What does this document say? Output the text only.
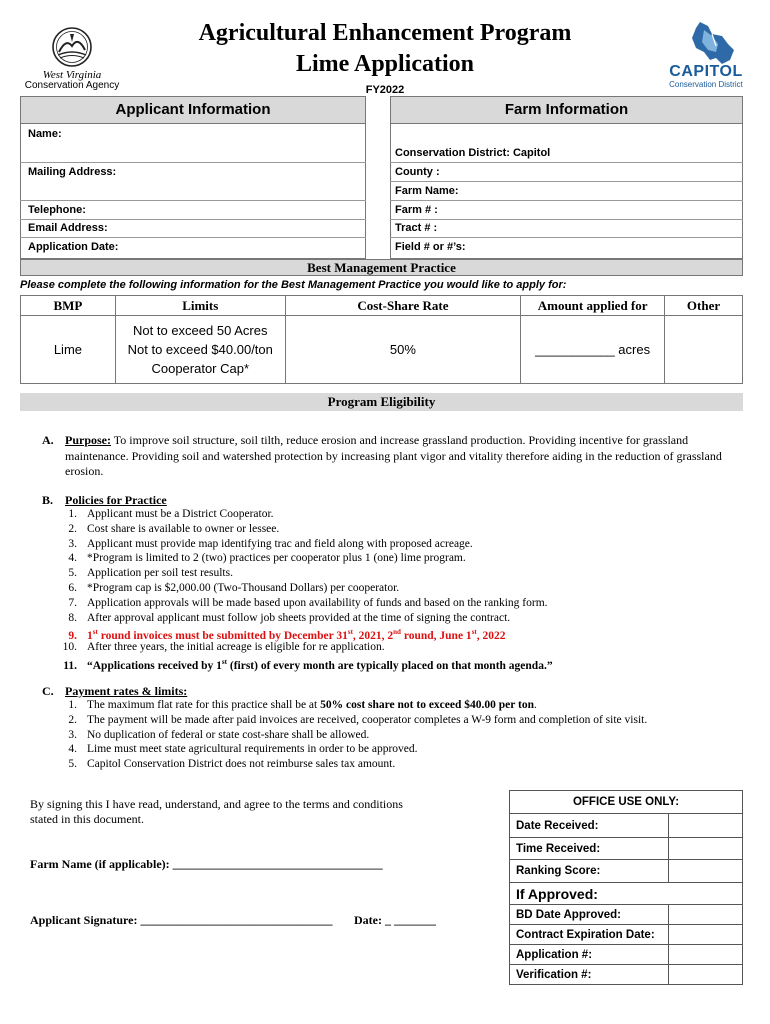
West Virginia
Conservation Agency
Agricultural Enhancement Program
Lime Application
FY2022
CAPITOL
Conservation District
Applicant Information	Farm Information
Name:
Mailing Address:
Telephone:
Email Address:
Application Date:
Conservation District: Capitol
County :
Farm Name:
Farm # :
Tract # :
Field # or #’s:
Best Management Practice
Please complete the following information for the Best Management Practice you would like to apply for:
BMP	Limits	Cost-Share Rate	Amount applied for	Other
Lime	Not to exceed 50 Acres
Not to exceed $40.00/ton
Cooperator Cap*	50%	___________ acres	
Program Eligibility
A. Purpose: To improve soil structure, soil tilth, reduce erosion and increase grassland production. Providing incentive for grassland maintenance. Providing soil and watershed protection by increasing plant vigor and vitality therefore aiding in the reduction of grassland erosion.
B. Policies for Practice
1. Applicant must be a District Cooperator.
2. Cost share is available to owner or lessee.
3. Applicant must provide map identifying trac and field along with proposed acreage.
4. *Program is limited to 2 (two) practices per cooperator plus 1 (one) lime program.
5. Application per soil test results.
6. *Program cap is $2,000.00 (Two-Thousand Dollars) per cooperator.
7. Application approvals will be made based upon availability of funds and based on the ranking form.
8. After approval applicant must follow job sheets provided at the time of signing the contract.
9. 1st round invoices must be submitted by December 31st, 2021, 2nd round, June 1st, 2022
10. After three years, the initial acreage is eligible for re application.
11. “Applications received by 1st (first) of every month are typically placed on that month agenda.”
C. Payment rates & limits:
1. The maximum flat rate for this practice shall be at 50% cost share not to exceed $40.00 per ton.
2. The payment will be made after paid invoices are received, cooperator completes a W-9 form and completion of site visit.
3. No duplication of federal or state cost-share shall be allowed.
4. Lime must meet state agricultural requirements in order to be approved.
5. Capitol Conservation District does not reimburse sales tax amount.
By signing this I have read, understand, and agree to the terms and conditions
stated in this document.
Farm Name (if applicable): ___________________________________
Applicant Signature: ________________________________ Date: _ _______
OFFICE USE ONLY:	
Date Received:	
Time Received:	
Ranking Score:	
If Approved:	
BD Date Approved:	
Contract Expiration Date:	
Application #:	
Verification #:	
